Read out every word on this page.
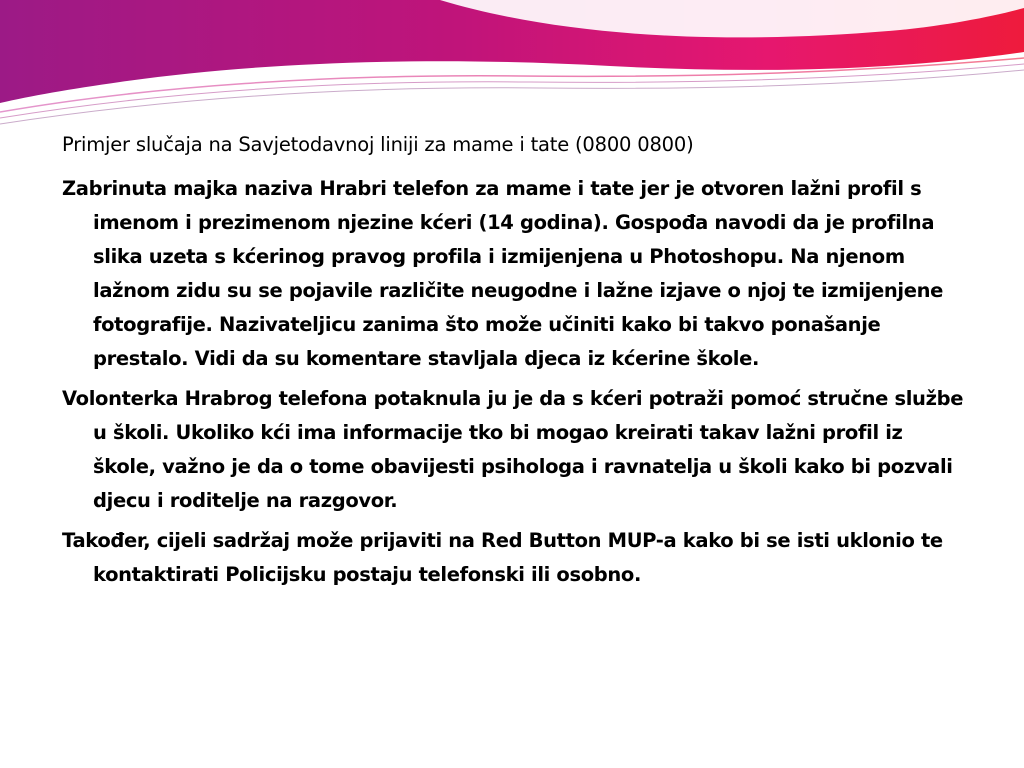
Primjer slučaja na Savjetodavnoj liniji za mame i tate (0800 0800)

Zabrinuta majka naziva Hrabri telefon za mame i tate jer je otvoren lažni profil s imenom i prezimenom njezine kćeri (14 godina). Gospođa navodi da je profilna slika uzeta s kćerinog pravog profila i izmijenjena u Photoshopu. Na njenom lažnom zidu su se pojavile različite neugodne i lažne izjave o njoj te izmijenjene fotografije. Nazivateljicu zanima što može učiniti kako bi takvo ponašanje prestalo. Vidi da su komentare stavljala djeca iz kćerine škole.

Volonterka Hrabrog telefona potaknula ju je da s kćeri potraži pomoć stručne službe u školi. Ukoliko kći ima informacije tko bi mogao kreirati takav lažni profil iz škole, važno je da o tome obavijesti psihologa i ravnatelja u školi kako bi pozvali djecu i roditelje na razgovor.

Također, cijeli sadržaj može prijaviti na Red Button MUP-a kako bi se isti uklonio te kontaktirati Policijsku postaju telefonski ili osobno.
